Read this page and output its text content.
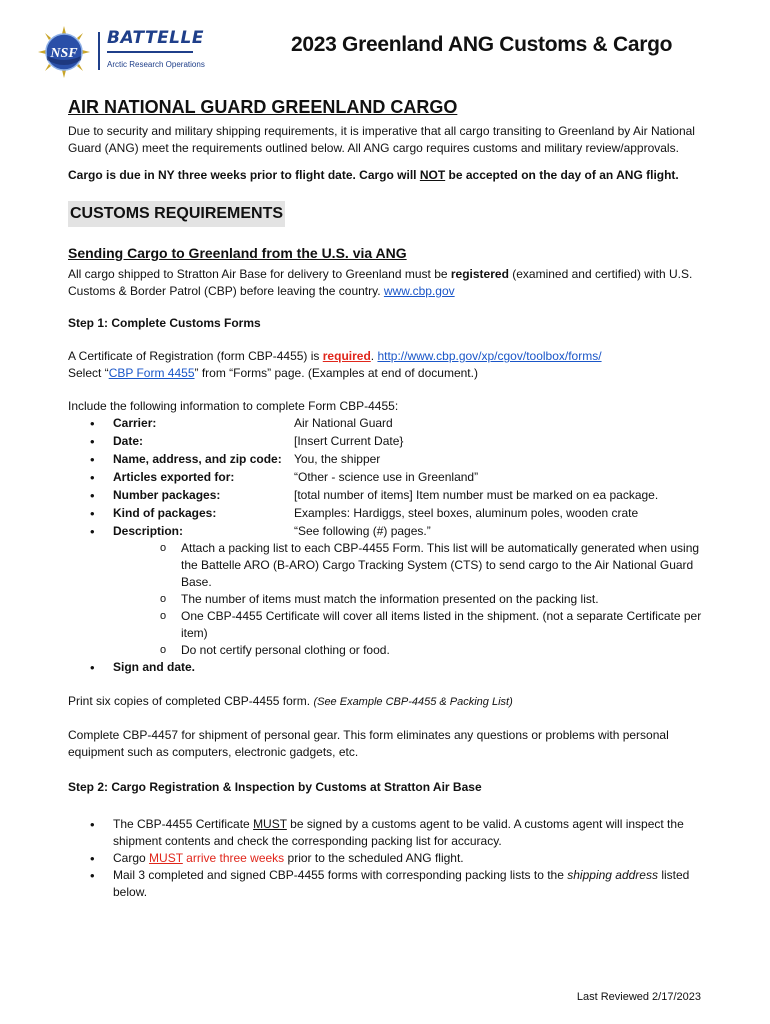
NSF
BATTELLE
Arctic Research Operations
2023 Greenland ANG Customs & Cargo
AIR NATIONAL GUARD GREENLAND CARGO

Due to security and military shipping requirements, it is imperative that all cargo transiting to Greenland by Air National Guard (ANG) meet the requirements outlined below. All ANG cargo requires customs and military review/approvals.

Cargo is due in NY three weeks prior to flight date. Cargo will NOT be accepted on the day of an ANG flight.

CUSTOMS REQUIREMENTS
Sending Cargo to Greenland from the U.S. via ANG

All cargo shipped to Stratton Air Base for delivery to Greenland must be registered (examined and certified) with U.S. Customs & Border Patrol (CBP) before leaving the country. www.cbp.gov

Step 1: Complete Customs Forms

A Certificate of Registration (form CBP-4455) is required. http://www.cbp.gov/xp/cgov/toolbox/forms/
Select “CBP Form 4455” from “Forms” page. (Examples at end of document.)

Include the following information to complete Form CBP-4455:

• Carrier:	Air National Guard
• Date:	[Insert Current Date}
• Name, address, and zip code: You, the shipper
• Articles exported for:	“Other - science use in Greenland”
• Number packages:	[total number of items] Item number must be marked on ea package.
• Kind of packages:	Examples: Hardiggs, steel boxes, aluminum poles, wooden crate
• Description:	“See following (#) pages.”
o Attach a packing list to each CBP-4455 Form. This list will be automatically generated when using the Battelle ARO (B-ARO) Cargo Tracking System (CTS) to send cargo to the Air National Guard Base.
o The number of items must match the information presented on the packing list.
o One CBP-4455 Certificate will cover all items listed in the shipment. (not a separate Certificate per item)
o Do not certify personal clothing or food.
• Sign and date.

Print six copies of completed CBP-4455 form. (See Example CBP-4455 & Packing List)

Complete CBP-4457 for shipment of personal gear. This form eliminates any questions or problems with personal equipment such as computers, electronic gadgets, etc.

Step 2: Cargo Registration & Inspection by Customs at Stratton Air Base

• The CBP-4455 Certificate MUST be signed by a customs agent to be valid. A customs agent will inspect the shipment contents and check the corresponding packing list for accuracy.
• Cargo MUST arrive three weeks prior to the scheduled ANG flight.
• Mail 3 completed and signed CBP-4455 forms with corresponding packing lists to the shipping address listed below.
Last Reviewed 2/17/2023
